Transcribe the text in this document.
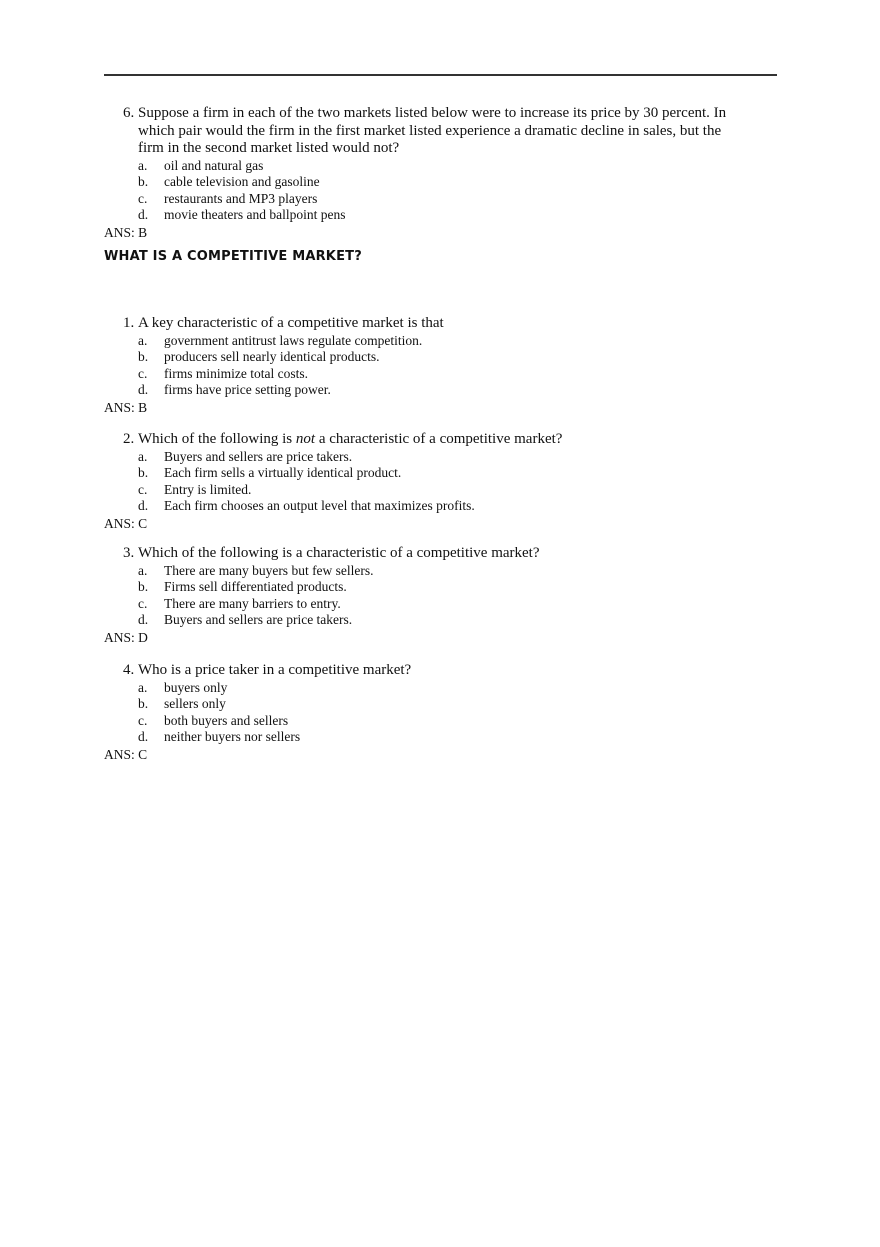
WHAT IS A COMPETITIVE MARKET?
6. Suppose a firm in each of the two markets listed below were to increase its price by 30 percent. In
which pair would the firm in the first market listed experience a dramatic decline in sales, but the
firm in the second market listed would not?
a. oil and natural gas
b. cable television and gasoline
c. restaurants and MP3 players
d. movie theaters and ballpoint pens
ANS: B
1. A key characteristic of a competitive market is that
a. government antitrust laws regulate competition.
b. producers sell nearly identical products.
c. firms minimize total costs.
d. firms have price setting power.
ANS: B
2. Which of the following is not a characteristic of a competitive market?
a. Buyers and sellers are price takers.
b. Each firm sells a virtually identical product.
c. Entry is limited.
d. Each firm chooses an output level that maximizes profits.
ANS: C
3. Which of the following is a characteristic of a competitive market?
a. There are many buyers but few sellers.
b. Firms sell differentiated products.
c. There are many barriers to entry.
d. Buyers and sellers are price takers.
ANS: D
4. Who is a price taker in a competitive market?
a. buyers only
b. sellers only
c. both buyers and sellers
d. neither buyers nor sellers
ANS: C
